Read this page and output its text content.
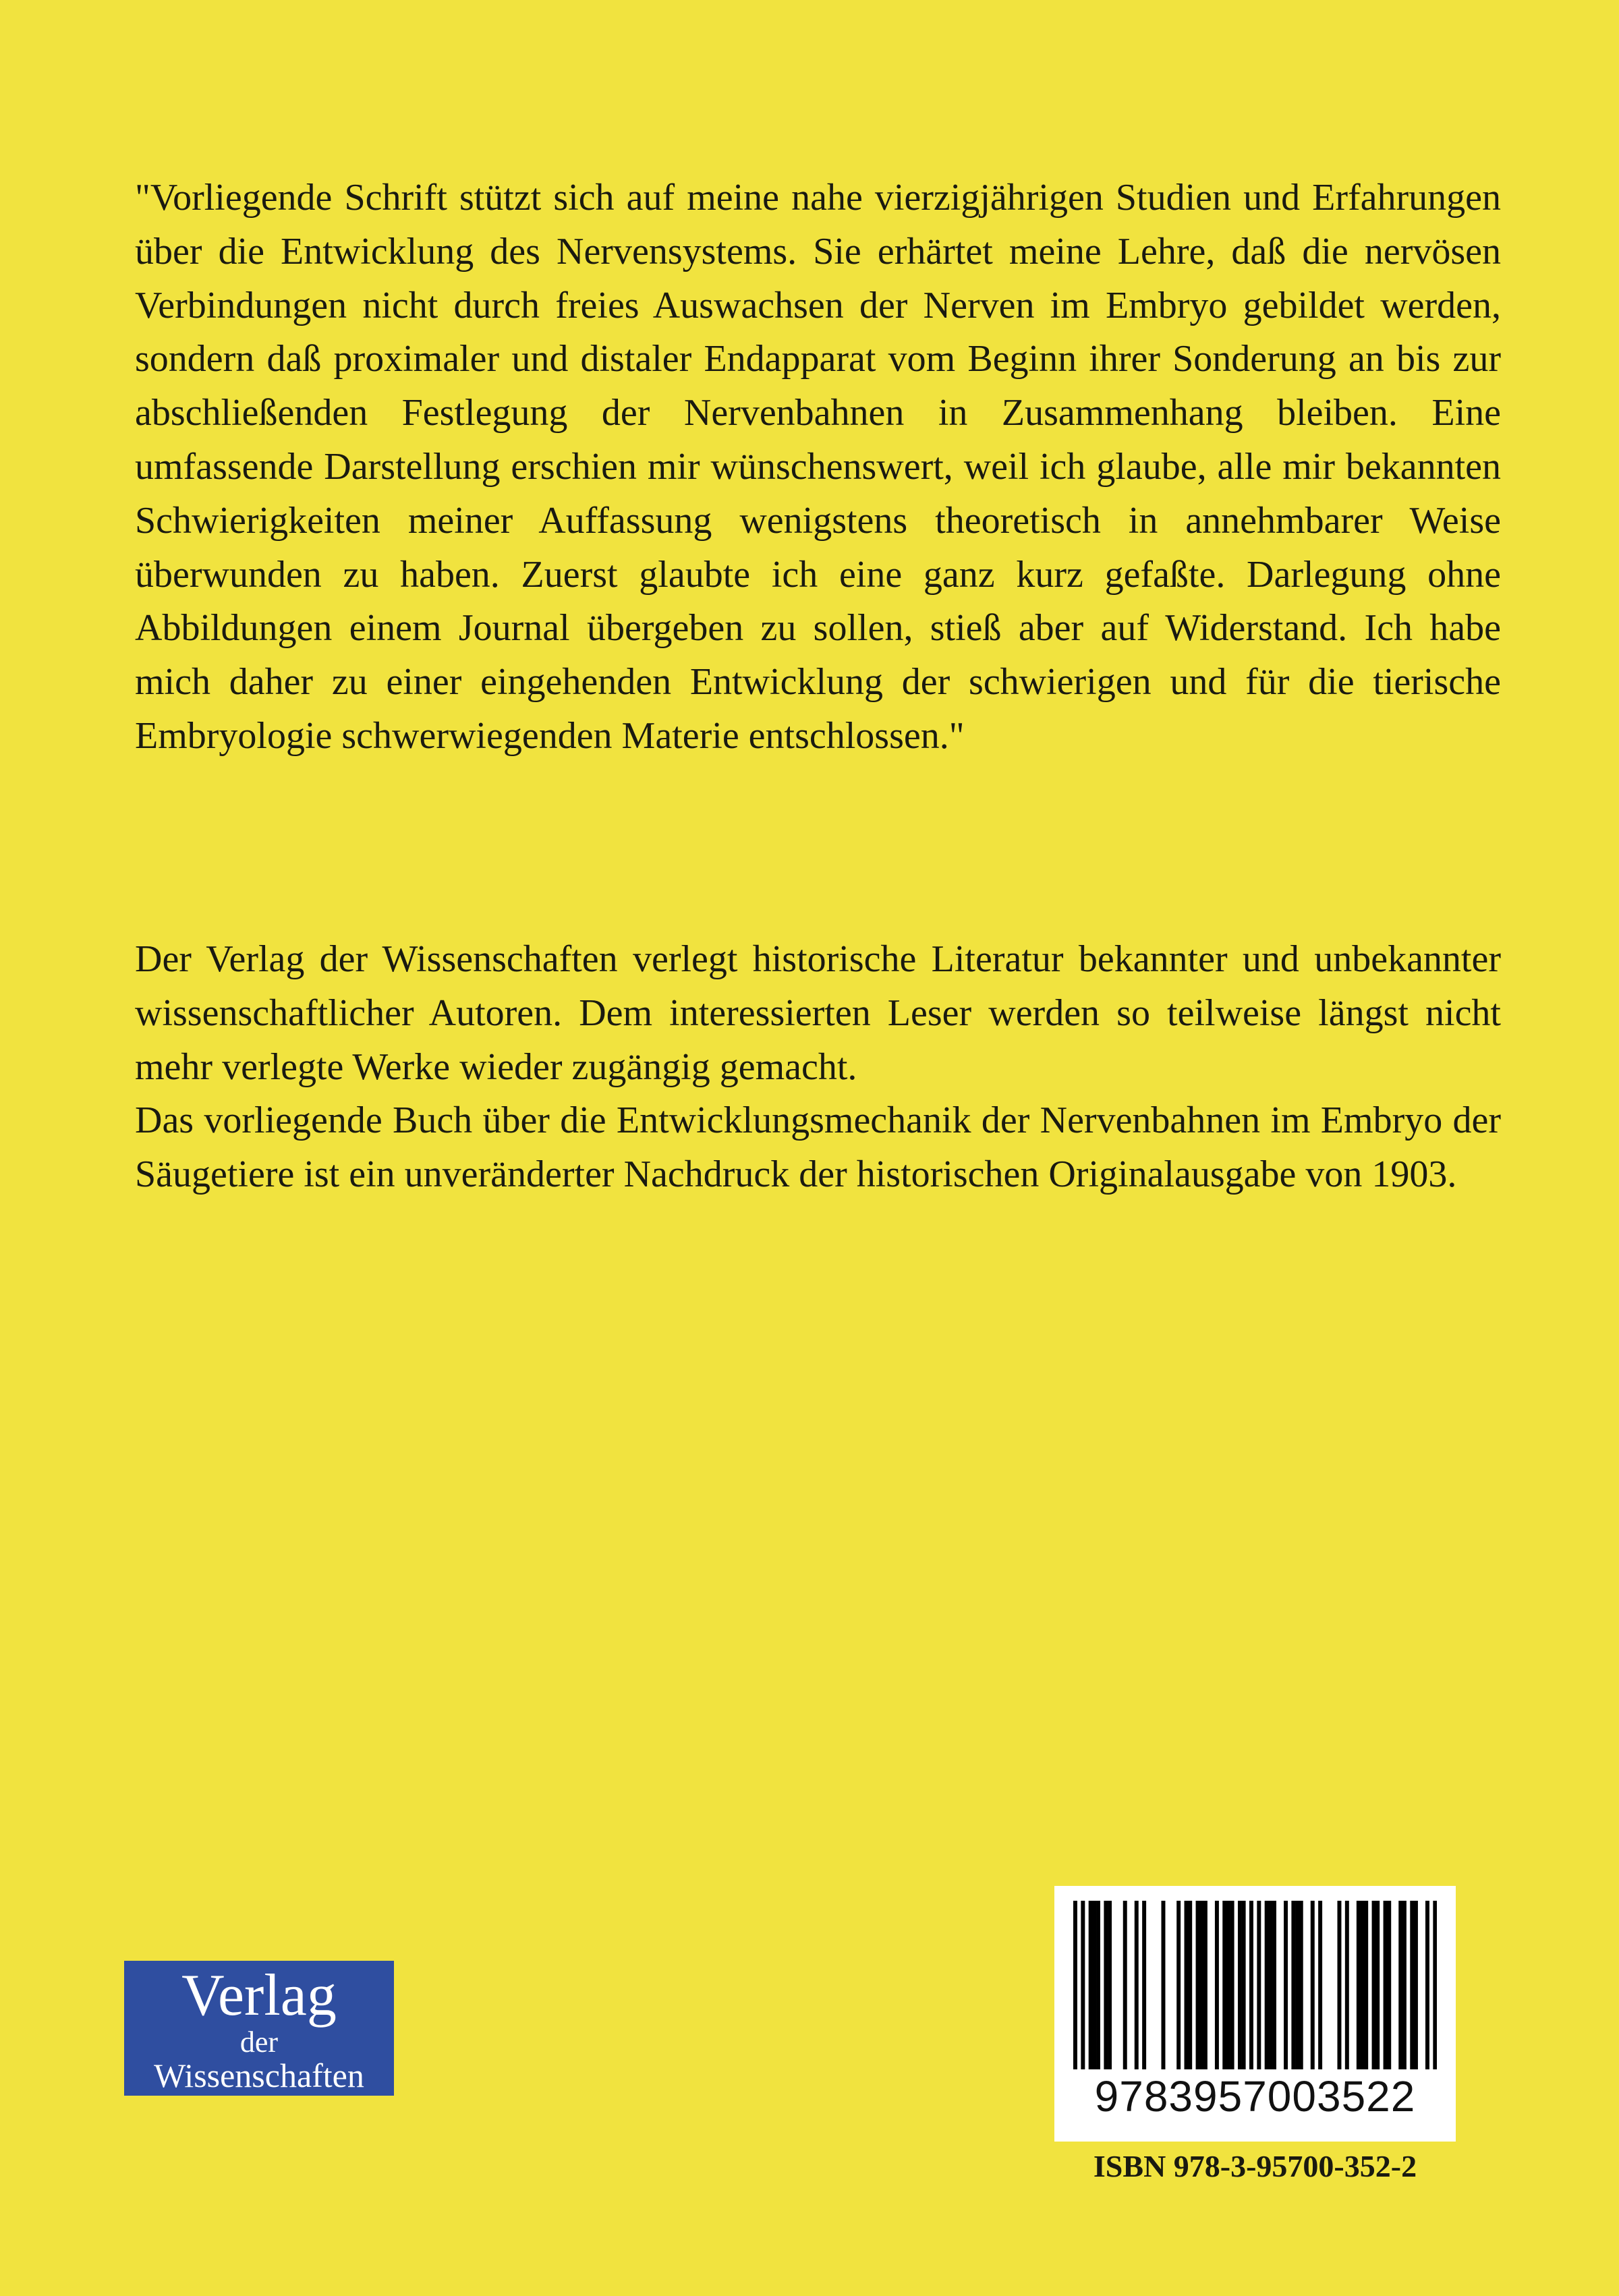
"Vorliegende Schrift stützt sich auf meine nahe vierzigjährigen Studien und Erfahrungen über die Entwicklung des Nervensystems. Sie erhärtet meine Lehre, daß die nervösen Verbindungen nicht durch freies Auswachsen der Nerven im Embryo gebildet werden, sondern daß proximaler und distaler Endapparat vom Beginn ihrer Sonderung an bis zur abschließenden Festlegung der Nervenbahnen in Zusammenhang bleiben. Eine umfassende Darstellung erschien mir wünschenswert, weil ich glaube, alle mir bekannten Schwierigkeiten meiner Auffassung wenigstens theoretisch in annehmbarer Weise überwunden zu haben. Zuerst glaubte ich eine ganz kurz gefaßte. Darlegung ohne Abbildungen einem Journal übergeben zu sollen, stieß aber auf Widerstand. Ich habe mich daher zu einer eingehenden Entwicklung der schwierigen und für die tierische Embryologie schwerwiegenden Materie entschlossen."

Der Verlag der Wissenschaften verlegt historische Literatur bekannter und unbekannter wissenschaftlicher Autoren. Dem interessierten Leser werden so teilweise längst nicht mehr verlegte Werke wieder zugängig gemacht.

Das vorliegende Buch über die Entwicklungsmechanik der Nervenbahnen im Embryo der Säugetiere ist ein unveränderter Nachdruck der historischen Originalausgabe von 1903.

Verlag
der
Wissenschaften	9783957003522
ISBN 978-3-95700-352-2
